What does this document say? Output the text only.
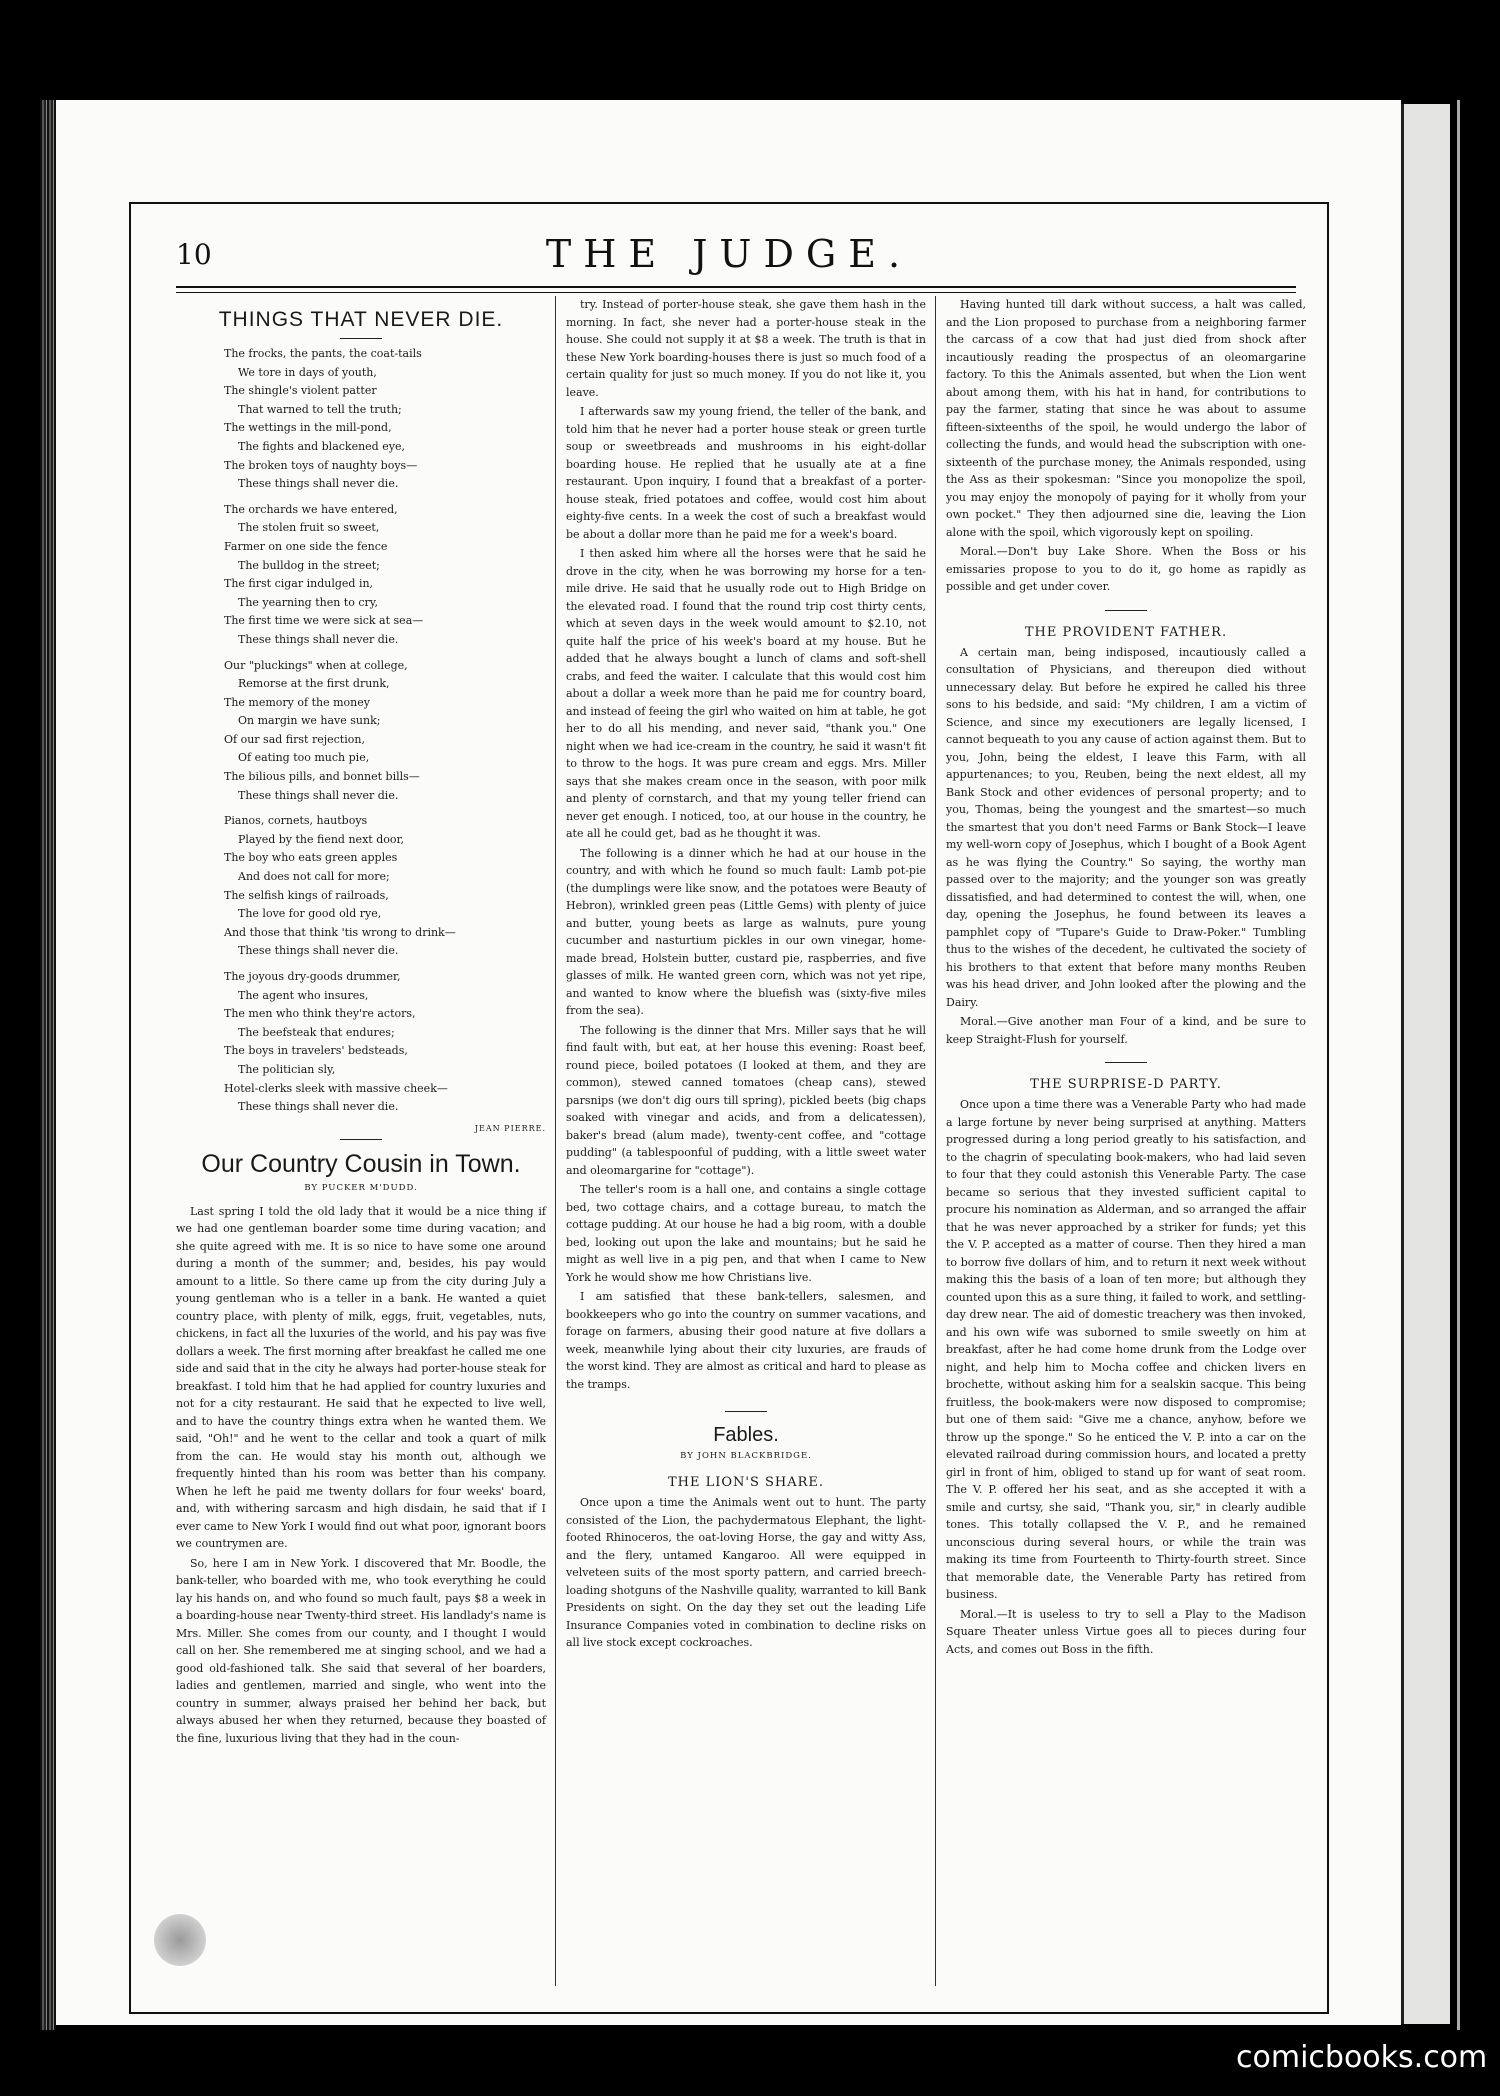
10	THE JUDGE.
THINGS THAT NEVER DIE.
The frocks, the pants, the coat-tails
We tore in days of youth,
The shingle's violent patter
That warned to tell the truth;
The wettings in the mill-pond,
The fights and blackened eye,
The broken toys of naughty boys—
These things shall never die.
The orchards we have entered,
The stolen fruit so sweet,
Farmer on one side the fence
The bulldog in the street;
The first cigar indulged in,
The yearning then to cry,
The first time we were sick at sea—
These things shall never die.
Our "pluckings" when at college,
Remorse at the first drunk,
The memory of the money
On margin we have sunk;
Of our sad first rejection,
Of eating too much pie,
The bilious pills, and bonnet bills—
These things shall never die.
Pianos, cornets, hautboys
Played by the fiend next door,
The boy who eats green apples
And does not call for more;
The selfish kings of railroads,
The love for good old rye,
And those that think 'tis wrong to drink—
These things shall never die.
The joyous dry-goods drummer,
The agent who insures,
The men who think they're actors,
The beefsteak that endures;
The boys in travelers' bedsteads,
The politician sly,
Hotel-clerks sleek with massive cheek—
These things shall never die.
JEAN PIERRE.
Our Country Cousin in Town.
BY PUCKER M'DUDD.

Last spring I told the old lady that it would be a nice thing if we had one gentleman boarder some time during vacation; and she quite agreed with me. It is so nice to have some one around during a month of the summer; and, besides, his pay would amount to a little. So there came up from the city during July a young gentleman who is a teller in a bank. He wanted a quiet country place, with plenty of milk, eggs, fruit, vegetables, nuts, chickens, in fact all the luxuries of the world, and his pay was five dollars a week. The first morning after breakfast he called me one side and said that in the city he always had porter-house steak for breakfast. I told him that he had applied for country luxuries and not for a city restaurant. He said that he expected to live well, and to have the country things extra when he wanted them. We said, "Oh!" and he went to the cellar and took a quart of milk from the can. He would stay his month out, although we frequently hinted than his room was better than his company. When he left he paid me twenty dollars for four weeks' board, and, with withering sarcasm and high disdain, he said that if I ever came to New York I would find out what poor, ignorant boors we countrymen are.

So, here I am in New York. I discovered that Mr. Boodle, the bank-teller, who boarded with me, who took everything he could lay his hands on, and who found so much fault, pays $8 a week in a boarding-house near Twenty-third street. His landlady's name is Mrs. Miller. She comes from our county, and I thought I would call on her. She remembered me at singing school, and we had a good old-fashioned talk. She said that several of her boarders, ladies and gentlemen, married and single, who went into the country in summer, always praised her behind her back, but always abused her when they returned, because they boasted of the fine, luxurious living that they had in the coun-

try. Instead of porter-house steak, she gave them hash in the morning. In fact, she never had a porter-house steak in the house. She could not supply it at $8 a week. The truth is that in these New York boarding-houses there is just so much food of a certain quality for just so much money. If you do not like it, you leave.

I afterwards saw my young friend, the teller of the bank, and told him that he never had a porter house steak or green turtle soup or sweetbreads and mushrooms in his eight-dollar boarding house. He replied that he usually ate at a fine restaurant. Upon inquiry, I found that a breakfast of a porter-house steak, fried potatoes and coffee, would cost him about eighty-five cents. In a week the cost of such a breakfast would be about a dollar more than he paid me for a week's board.

I then asked him where all the horses were that he said he drove in the city, when he was borrowing my horse for a ten-mile drive. He said that he usually rode out to High Bridge on the elevated road. I found that the round trip cost thirty cents, which at seven days in the week would amount to $2.10, not quite half the price of his week's board at my house. But he added that he always bought a lunch of clams and soft-shell crabs, and feed the waiter. I calculate that this would cost him about a dollar a week more than he paid me for country board, and instead of feeing the girl who waited on him at table, he got her to do all his mending, and never said, "thank you." One night when we had ice-cream in the country, he said it wasn't fit to throw to the hogs. It was pure cream and eggs. Mrs. Miller says that she makes cream once in the season, with poor milk and plenty of cornstarch, and that my young teller friend can never get enough. I noticed, too, at our house in the country, he ate all he could get, bad as he thought it was.

The following is a dinner which he had at our house in the country, and with which he found so much fault: Lamb pot-pie (the dumplings were like snow, and the potatoes were Beauty of Hebron), wrinkled green peas (Little Gems) with plenty of juice and butter, young beets as large as walnuts, pure young cucumber and nasturtium pickles in our own vinegar, home-made bread, Holstein butter, custard pie, raspberries, and five glasses of milk. He wanted green corn, which was not yet ripe, and wanted to know where the bluefish was (sixty-five miles from the sea).

The following is the dinner that Mrs. Miller says that he will find fault with, but eat, at her house this evening: Roast beef, round piece, boiled potatoes (I looked at them, and they are common), stewed canned tomatoes (cheap cans), stewed parsnips (we don't dig ours till spring), pickled beets (big chaps soaked with vinegar and acids, and from a delicatessen), baker's bread (alum made), twenty-cent coffee, and "cottage pudding" (a tablespoonful of pudding, with a little sweet water and oleomargarine for "cottage").

The teller's room is a hall one, and contains a single cottage bed, two cottage chairs, and a cottage bureau, to match the cottage pudding. At our house he had a big room, with a double bed, looking out upon the lake and mountains; but he said he might as well live in a pig pen, and that when I came to New York he would show me how Christians live.

I am satisfied that these bank-tellers, salesmen, and bookkeepers who go into the country on summer vacations, and forage on farmers, abusing their good nature at five dollars a week, meanwhile lying about their city luxuries, are frauds of the worst kind. They are almost as critical and hard to please as the tramps.

Fables.
BY JOHN BLACKBRIDGE.
THE LION'S SHARE.

Once upon a time the Animals went out to hunt. The party consisted of the Lion, the pachydermatous Elephant, the light-footed Rhinoceros, the oat-loving Horse, the gay and witty Ass, and the flery, untamed Kangaroo. All were equipped in velveteen suits of the most sporty pattern, and carried breech-loading shotguns of the Nashville quality, warranted to kill Bank Presidents on sight. On the day they set out the leading Life Insurance Companies voted in combination to decline risks on all live stock except cockroaches.

Having hunted till dark without success, a halt was called, and the Lion proposed to purchase from a neighboring farmer the carcass of a cow that had just died from shock after incautiously reading the prospectus of an oleomargarine factory. To this the Animals assented, but when the Lion went about among them, with his hat in hand, for contributions to pay the farmer, stating that since he was about to assume fifteen-sixteenths of the spoil, he would undergo the labor of collecting the funds, and would head the subscription with one-sixteenth of the purchase money, the Animals responded, using the Ass as their spokesman: "Since you monopolize the spoil, you may enjoy the monopoly of paying for it wholly from your own pocket." They then adjourned sine die, leaving the Lion alone with the spoil, which vigorously kept on spoiling.

Moral.—Don't buy Lake Shore. When the Boss or his emissaries propose to you to do it, go home as rapidly as possible and get under cover.

THE PROVIDENT FATHER.

A certain man, being indisposed, incautiously called a consultation of Physicians, and thereupon died without unnecessary delay. But before he expired he called his three sons to his bedside, and said: "My children, I am a victim of Science, and since my executioners are legally licensed, I cannot bequeath to you any cause of action against them. But to you, John, being the eldest, I leave this Farm, with all appurtenances; to you, Reuben, being the next eldest, all my Bank Stock and other evidences of personal property; and to you, Thomas, being the youngest and the smartest—so much the smartest that you don't need Farms or Bank Stock—I leave my well-worn copy of Josephus, which I bought of a Book Agent as he was flying the Country." So saying, the worthy man passed over to the majority; and the younger son was greatly dissatisfied, and had determined to contest the will, when, one day, opening the Josephus, he found between its leaves a pamphlet copy of "Tupare's Guide to Draw-Poker." Tumbling thus to the wishes of the decedent, he cultivated the society of his brothers to that extent that before many months Reuben was his head driver, and John looked after the plowing and the Dairy.

Moral.—Give another man Four of a kind, and be sure to keep Straight-Flush for yourself.

THE SURPRISE-D PARTY.

Once upon a time there was a Venerable Party who had made a large fortune by never being surprised at anything. Matters progressed during a long period greatly to his satisfaction, and to the chagrin of speculating book-makers, who had laid seven to four that they could astonish this Venerable Party. The case became so serious that they invested sufficient capital to procure his nomination as Alderman, and so arranged the affair that he was never approached by a striker for funds; yet this the V. P. accepted as a matter of course. Then they hired a man to borrow five dollars of him, and to return it next week without making this the basis of a loan of ten more; but although they counted upon this as a sure thing, it failed to work, and settling-day drew near. The aid of domestic treachery was then invoked, and his own wife was suborned to smile sweetly on him at breakfast, after he had come home drunk from the Lodge over night, and help him to Mocha coffee and chicken livers en brochette, without asking him for a sealskin sacque. This being fruitless, the book-makers were now disposed to compromise; but one of them said: "Give me a chance, anyhow, before we throw up the sponge." So he enticed the V. P. into a car on the elevated railroad during commission hours, and located a pretty girl in front of him, obliged to stand up for want of seat room. The V. P. offered her his seat, and as she accepted it with a smile and curtsy, she said, "Thank you, sir," in clearly audible tones. This totally collapsed the V. P., and he remained unconscious during several hours, or while the train was making its time from Fourteenth to Thirty-fourth street. Since that memorable date, the Venerable Party has retired from business.

Moral.—It is useless to try to sell a Play to the Madison Square Theater unless Virtue goes all to pieces during four Acts, and comes out Boss in the fifth.

comicbooks.com
